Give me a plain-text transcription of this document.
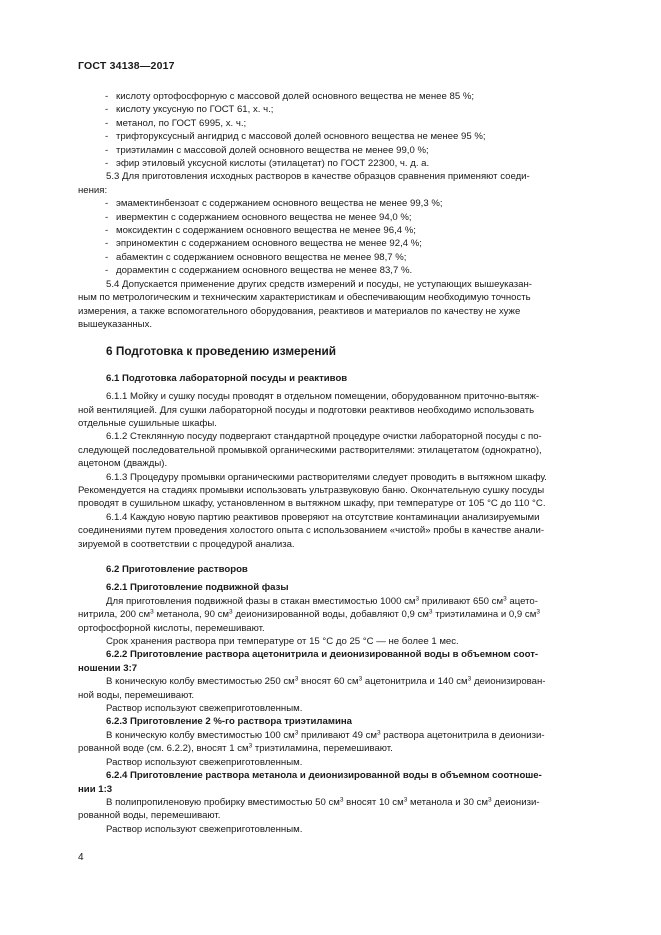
ГОСТ 34138—2017
- кислоту ортофосфорную с массовой долей основного вещества не менее 85 %;
- кислоту уксусную по ГОСТ 61, х. ч.;
- метанол, по ГОСТ 6995, х. ч.;
- трифторуксусный ангидрид с массовой долей основного вещества не менее 95 %;
- триэтиламин с массовой долей основного вещества не менее 99,0 %;
- эфир этиловый уксусной кислоты (этилацетат) по ГОСТ 22300, ч. д. а.

5.3 Для приготовления исходных растворов в качестве образцов сравнения применяют соеди-

нения:

- эмамектинбензоат с содержанием основного вещества не менее 99,3 %;
- ивермектин с содержанием основного вещества не менее 94,0 %;
- моксидектин с содержанием основного вещества не менее 96,4 %;
- эприномектин с содержанием основного вещества не менее 92,4 %;
- абамектин с содержанием основного вещества не менее 98,7 %;
- дорамектин с содержанием основного вещества не менее 83,7 %.

5.4 Допускается применение других средств измерений и посуды, не уступающих вышеуказан-

ным по метрологическим и техническим характеристикам и обеспечивающим необходимую точность

измерения, а также вспомогательного оборудования, реактивов и материалов по качеству не хуже

вышеуказанных.

6 Подготовка к проведению измерений
6.1 Подготовка лабораторной посуды и реактивов

6.1.1 Мойку и сушку посуды проводят в отдельном помещении, оборудованном приточно-вытяж-

ной вентиляцией. Для сушки лабораторной посуды и подготовки реактивов необходимо использовать

отдельные сушильные шкафы.

6.1.2 Стеклянную посуду подвергают стандартной процедуре очистки лабораторной посуды с по-

следующей последовательной промывкой органическими растворителями: этилацетатом (однократно),

ацетоном (дважды).

6.1.3 Процедуру промывки органическими растворителями следует проводить в вытяжном шкафу.

Рекомендуется на стадиях промывки использовать ультразвуковую баню. Окончательную сушку посуды

проводят в сушильном шкафу, установленном в вытяжном шкафу, при температуре от 105 °С до 110 °С.

6.1.4 Каждую новую партию реактивов проверяют на отсутствие контаминации анализируемыми

соединениями путем проведения холостого опыта с использованием «чистой» пробы в качестве анали-

зируемой в соответствии с процедурой анализа.

6.2 Приготовление растворов
6.2.1 Приготовление подвижной фазы

Для приготовления подвижной фазы в стакан вместимостью 1000 $см^3$ приливают 650 $см^3$ ацето-

нитрила, 200 $см^3$ метанола, 90 $см^3$ деионизированной воды, добавляют 0,9 $см^3$ триэтиламина и 0,9 $см^3$

ортофосфорной кислоты, перемешивают.

Срок хранения раствора при температуре от 15 °С до 25 °С — не более 1 мес.

6.2.2 Приготовление раствора ацетонитрила и деионизированной воды в объемном соот-

ношении 3:7

В коническую колбу вместимостью 250 $см^3$ вносят 60 $см^3$ ацетонитрила и 140 $см^3$ деионизирован-

ной воды, перемешивают.

Раствор используют свежеприготовленным.

6.2.3 Приготовление 2 %-го раствора триэтиламина

В коническую колбу вместимостью 100 $см^3$ приливают 49 $см^3$ раствора ацетонитрила в деионизи-

рованной воде (см. 6.2.2), вносят 1 $см^3$ триэтиламина, перемешивают.

Раствор используют свежеприготовленным.

6.2.4 Приготовление раствора метанола и деионизированной воды в объемном соотноше-

нии 1:3

В полипропиленовую пробирку вместимостью 50 $см^3$ вносят 10 $см^3$ метанола и 30 $см^3$ деионизи-

рованной воды, перемешивают.

Раствор используют свежеприготовленным.

4
